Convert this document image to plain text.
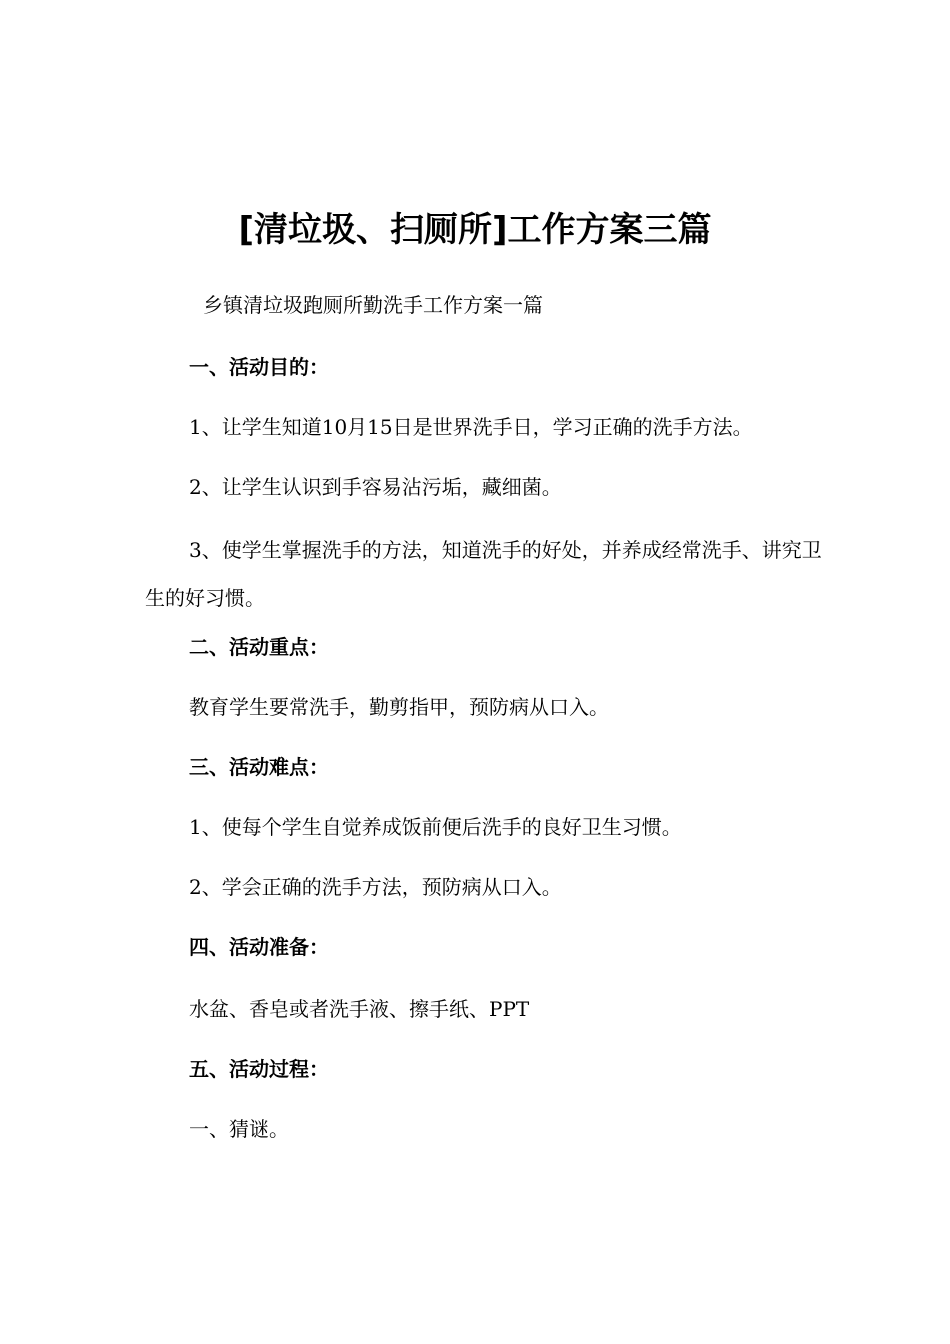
[清垃圾、扫厕所]工作方案三篇
乡镇清垃圾跑厕所勤洗手工作方案一篇
一、活动目的：
1、让学生知道10月15日是世界洗手日，学习正确的洗手方法。
2、让学生认识到手容易沾污垢，藏细菌。
3、使学生掌握洗手的方法，知道洗手的好处，并养成经常洗手、讲究卫生的好习惯。
二、活动重点：
教育学生要常洗手，勤剪指甲，预防病从口入。
三、活动难点：
1、使每个学生自觉养成饭前便后洗手的良好卫生习惯。
2、学会正确的洗手方法，预防病从口入。
四、活动准备：
水盆、香皂或者洗手液、擦手纸、PPT
五、活动过程：
一、猜谜。
